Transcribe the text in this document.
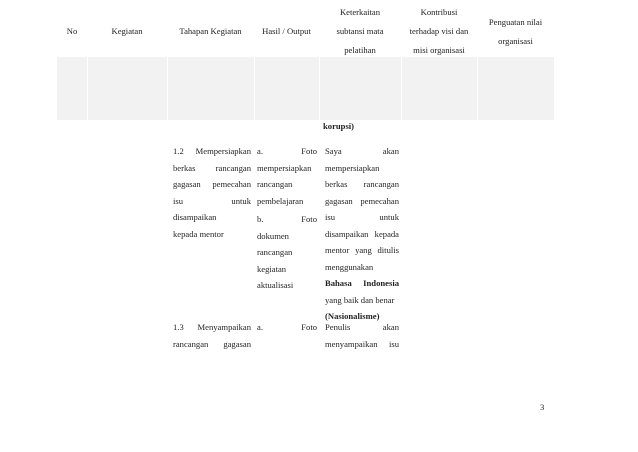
No	Kegiatan	Tahapan Kegiatan Hasil / Output
Keterkaitan
subtansi mata
pelatihan
Kontribusi
terhadap visi dan
misi organisasi
Penguatan nilai
organisasi
korupsi)
1.2 Mempersiapkan
berkas rancangan
gagasan pemecahan
isu untuk
disampaikan
kepada mentor
a. Foto
mempersiapkan
rancangan
pembelajaran
b. Foto
dokumen
rancangan
kegiatan
aktualisasi
Saya akan
mempersiapkan
berkas rancangan
gagasan pemecahan
isu untuk
disampaikan kepada
mentor yang ditulis
menggunakan
Bahasa Indonesia
yang baik dan benar
(Nasionalisme)
1.3 Menyampaikan
rancangan gagasan
a. Foto Penulis akan
menyampaikan isu
3
